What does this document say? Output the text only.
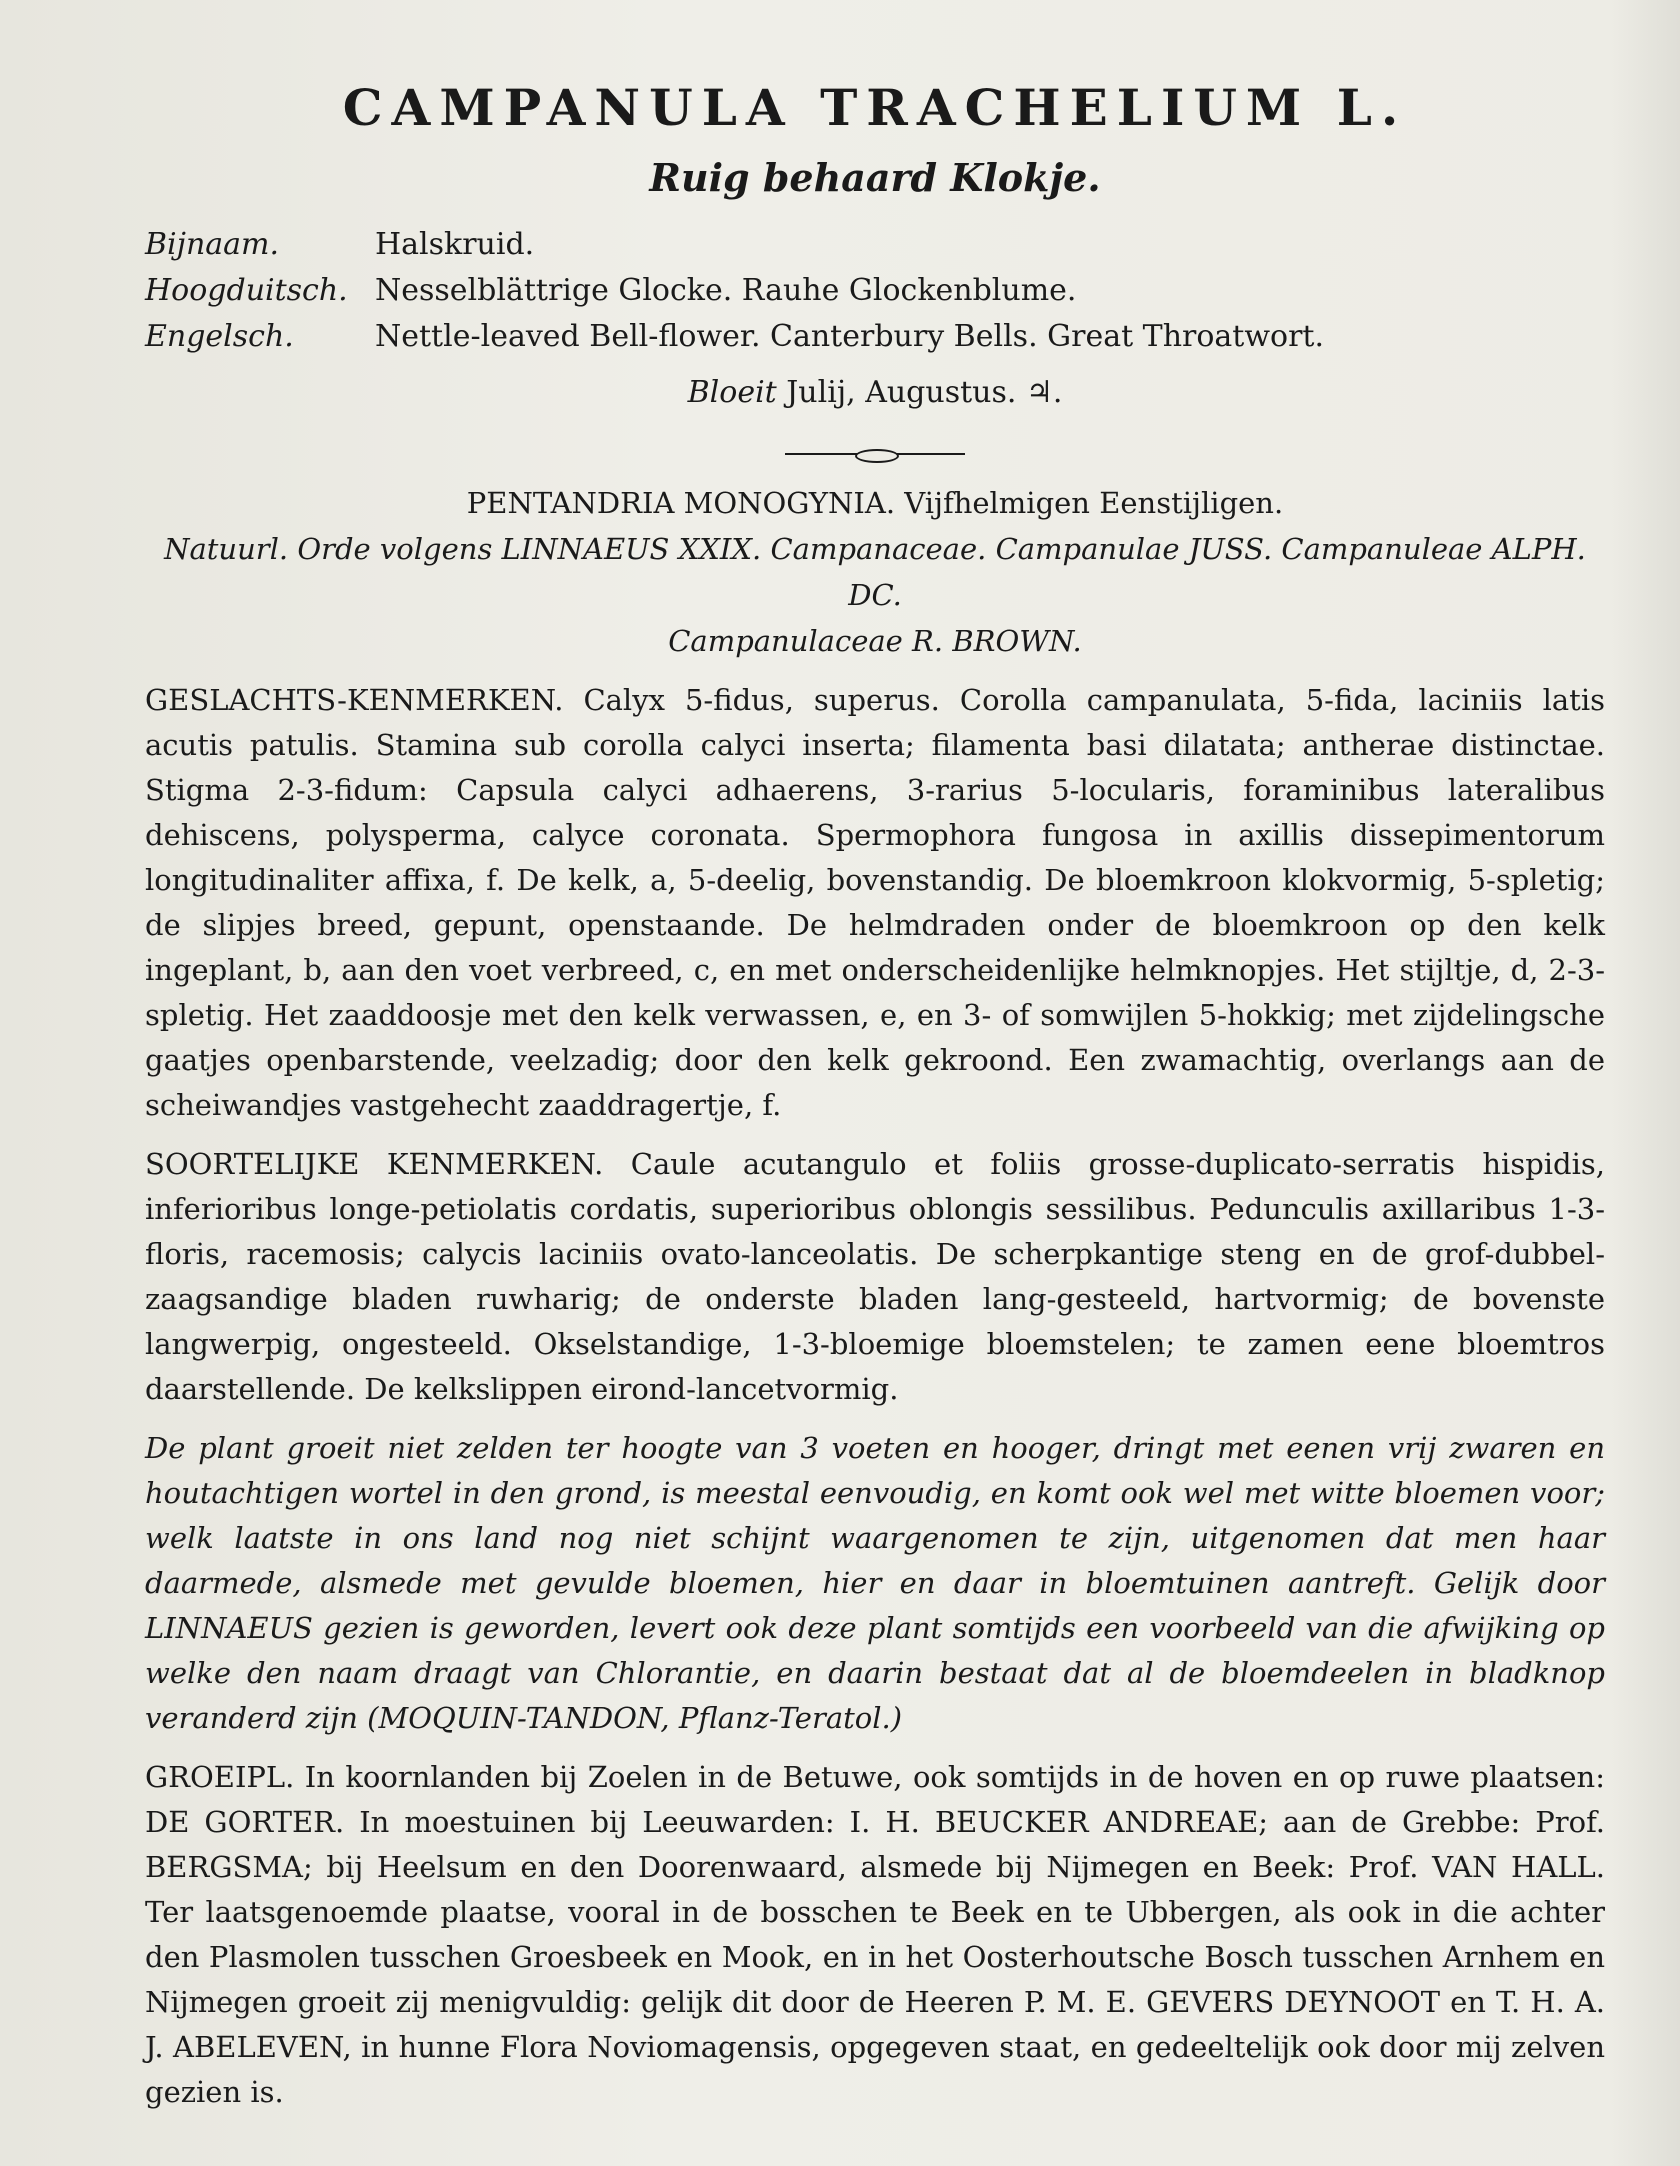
CAMPANULA TRACHELIUM L.
Ruig behaard Klokje.
Bijnaam.	Halskruid.
Hoogduitsch. Nesselblättrige Glocke. Rauhe Glockenblume.
Engelsch.	Nettle-leaved Bell-flower. Canterbury Bells. Great Throatwort.

Bloeit Julij, Augustus. ♃.

PENTANDRIA MONOGYNIA. Vijfhelmigen Eenstijligen.

Natuurl. Orde volgens LINNAEUS XXIX. Campanaceae. Campanulae JUSS. Campanuleae ALPH. DC.

Campanulaceae R. BROWN.

GESLACHTS-KENMERKEN. Calyx 5-fidus, superus. Corolla campanulata, 5-fida, laciniis latis acutis patulis. Stamina sub corolla calyci inserta; filamenta basi dilatata; antherae distinctae. Stigma 2-3-fidum: Capsula calyci adhaerens, 3-rarius 5-locularis, foraminibus lateralibus dehiscens, polysperma, calyce coronata. Spermophora fungosa in axillis dissepimentorum longitudinaliter affixa, f. De kelk, a, 5-deelig, bovenstandig. De bloemkroon klokvormig, 5-spletig; de slipjes breed, gepunt, openstaande. De helmdraden onder de bloemkroon op den kelk ingeplant, b, aan den voet verbreed, c, en met onderscheidenlijke helmknopjes. Het stijltje, d, 2-3-spletig. Het zaaddoosje met den kelk verwassen, e, en 3- of somwijlen 5-hokkig; met zijdelingsche gaatjes openbarstende, veelzadig; door den kelk gekroond. Een zwamachtig, overlangs aan de scheiwandjes vastgehecht zaaddragertje, f.

SOORTELIJKE KENMERKEN. Caule acutangulo et foliis grosse-duplicato-serratis hispidis, inferioribus longe-petiolatis cordatis, superioribus oblongis sessilibus. Pedunculis axillaribus 1-3-floris, racemosis; calycis laciniis ovato-lanceolatis. De scherpkantige steng en de grof-dubbel-zaagsandige bladen ruwharig; de onderste bladen lang-gesteeld, hartvormig; de bovenste langwerpig, ongesteeld. Okselstandige, 1-3-bloemige bloemstelen; te zamen eene bloemtros daarstellende. De kelkslippen eirond-lancetvormig.

De plant groeit niet zelden ter hoogte van 3 voeten en hooger, dringt met eenen vrij zwaren en houtachtigen wortel in den grond, is meestal eenvoudig, en komt ook wel met witte bloemen voor; welk laatste in ons land nog niet schijnt waargenomen te zijn, uitgenomen dat men haar daarmede, alsmede met gevulde bloemen, hier en daar in bloemtuinen aantreft. Gelijk door LINNAEUS gezien is geworden, levert ook deze plant somtijds een voorbeeld van die afwijking op welke den naam draagt van Chlorantie, en daarin bestaat dat al de bloemdeelen in bladknop veranderd zijn (MOQUIN-TANDON, Pflanz-Teratol.)

GROEIPL. In koornlanden bij Zoelen in de Betuwe, ook somtijds in de hoven en op ruwe plaatsen: DE GORTER. In moestuinen bij Leeuwarden: I. H. BEUCKER ANDREAE; aan de Grebbe: Prof. BERGSMA; bij Heelsum en den Doorenwaard, alsmede bij Nijmegen en Beek: Prof. VAN HALL. Ter laatsgenoemde plaatse, vooral in de bosschen te Beek en te Ubbergen, als ook in die achter den Plasmolen tusschen Groesbeek en Mook, en in het Oosterhoutsche Bosch tusschen Arnhem en Nijmegen groeit zij menigvuldig: gelijk dit door de Heeren P. M. E. GEVERS DEYNOOT en T. H. A. J. ABELEVEN, in hunne Flora Noviomagensis, opgegeven staat, en gedeeltelijk ook door mij zelven gezien is.
